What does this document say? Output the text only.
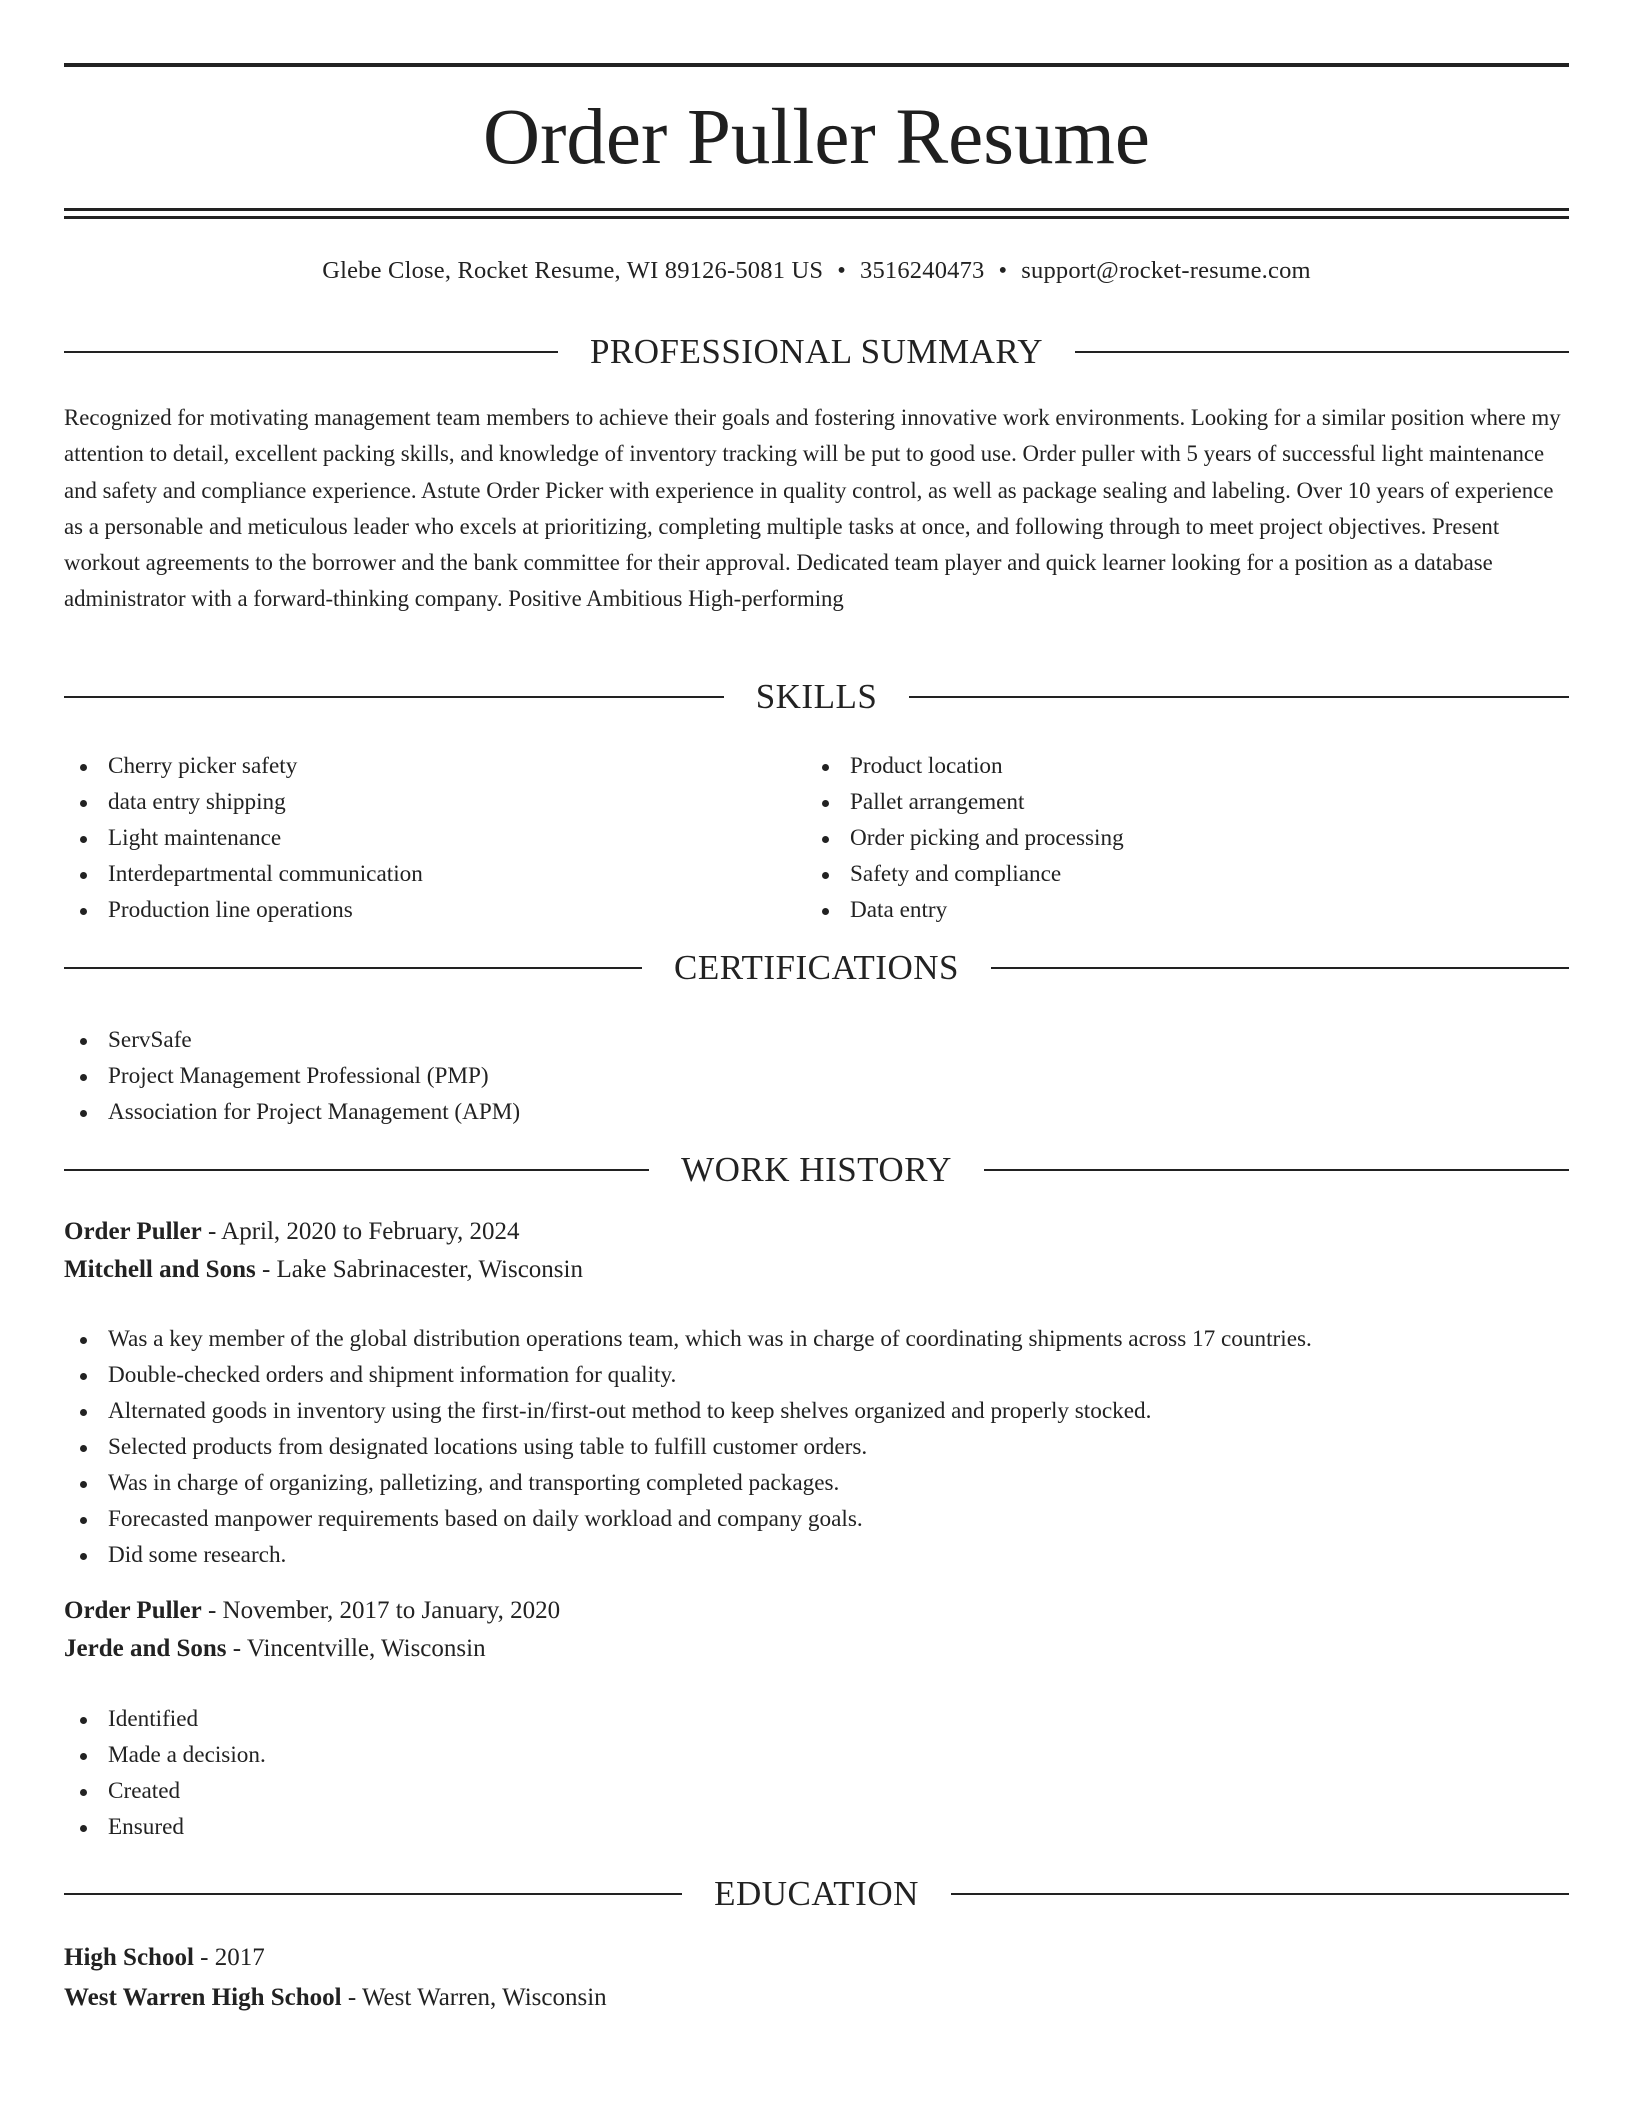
Order Puller Resume
Glebe Close, Rocket Resume, WI 89126-5081 US • 3516240473 • support@rocket-resume.com
PROFESSIONAL SUMMARY

Recognized for motivating management team members to achieve their goals and fostering innovative work environments. Looking for a similar position where my attention to detail, excellent packing skills, and knowledge of inventory tracking will be put to good use. Order puller with 5 years of successful light maintenance and safety and compliance experience. Astute Order Picker with experience in quality control, as well as package sealing and labeling. Over 10 years of experience as a personable and meticulous leader who excels at prioritizing, completing multiple tasks at once, and following through to meet project objectives. Present workout agreements to the borrower and the bank committee for their approval. Dedicated team player and quick learner looking for a position as a database administrator with a forward-thinking company. Positive Ambitious High-performing

SKILLS
Cherry picker safety
data entry shipping
Light maintenance
Interdepartmental communication
Production line operations
Product location
Pallet arrangement
Order picking and processing
Safety and compliance
Data entry
CERTIFICATIONS
ServSafe
Project Management Professional (PMP)
Association for Project Management (APM)
WORK HISTORY
Order Puller - April, 2020 to February, 2024
Mitchell and Sons - Lake Sabrinacester, Wisconsin
Was a key member of the global distribution operations team, which was in charge of coordinating shipments across 17 countries.
Double-checked orders and shipment information for quality.
Alternated goods in inventory using the first-in/first-out method to keep shelves organized and properly stocked.
Selected products from designated locations using table to fulfill customer orders.
Was in charge of organizing, palletizing, and transporting completed packages.
Forecasted manpower requirements based on daily workload and company goals.
Did some research.
Order Puller - November, 2017 to January, 2020
Jerde and Sons - Vincentville, Wisconsin
Identified
Made a decision.
Created
Ensured
EDUCATION
High School - 2017
West Warren High School - West Warren, Wisconsin
